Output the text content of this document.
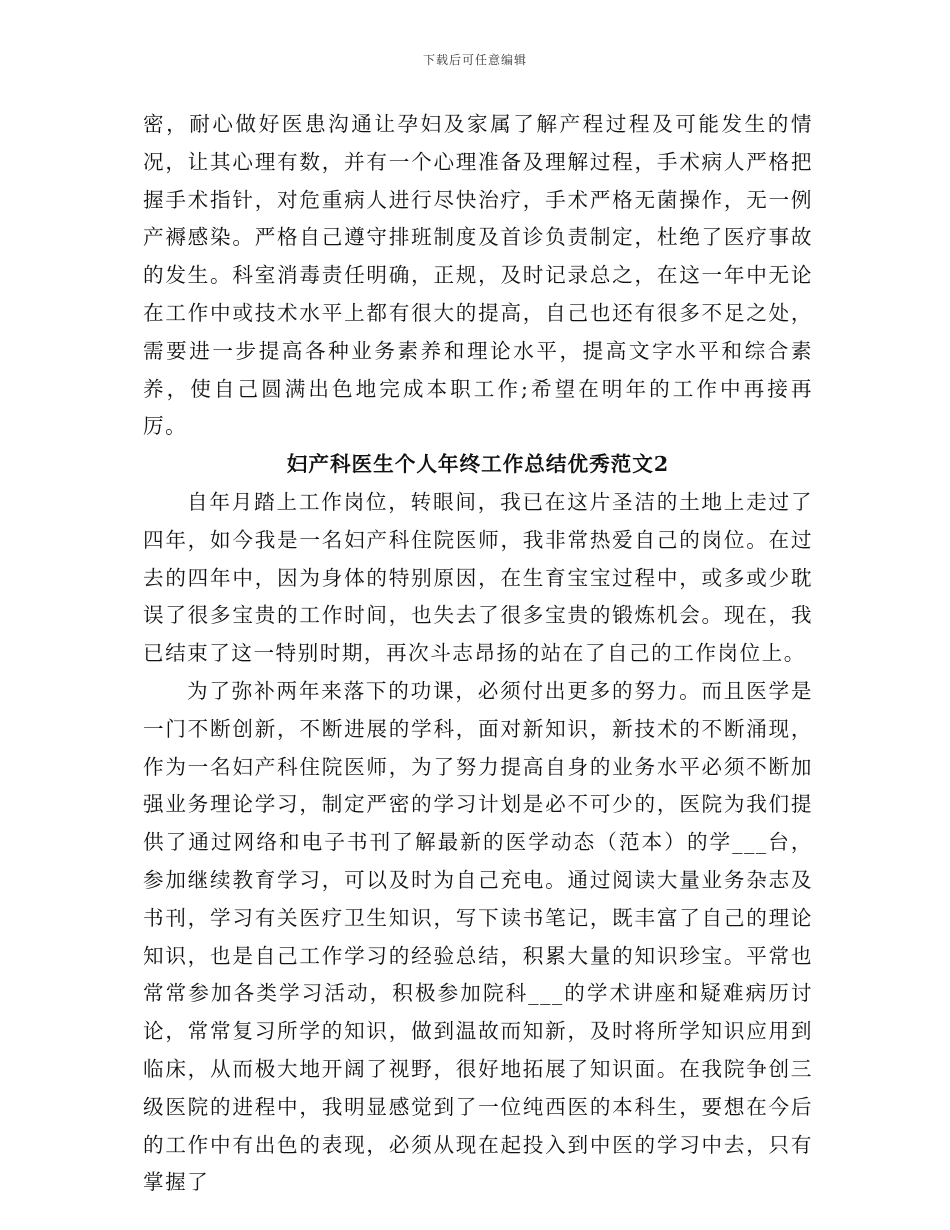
下载后可任意编辑

密，耐心做好医患沟通让孕妇及家属了解产程过程及可能发生的情况，让其心理有数，并有一个心理准备及理解过程，手术病人严格把握手术指针，对危重病人进行尽快治疗，手术严格无菌操作，无一例产褥感染。严格自己遵守排班制度及首诊负责制定，杜绝了医疗事故的发生。科室消毒责任明确，正规，及时记录总之，在这一年中无论在工作中或技术水平上都有很大的提高，自己也还有很多不足之处，需要进一步提高各种业务素养和理论水平，提高文字水平和综合素养，使自己圆满出色地完成本职工作;希望在明年的工作中再接再厉。

妇产科医生个人年终工作总结优秀范文2

自年月踏上工作岗位，转眼间，我已在这片圣洁的土地上走过了四年，如今我是一名妇产科住院医师，我非常热爱自己的岗位。在过去的四年中，因为身体的特别原因，在生育宝宝过程中，或多或少耽误了很多宝贵的工作时间，也失去了很多宝贵的锻炼机会。现在，我已结束了这一特别时期，再次斗志昂扬的站在了自己的工作岗位上。

为了弥补两年来落下的功课，必须付出更多的努力。而且医学是一门不断创新，不断进展的学科，面对新知识，新技术的不断涌现，作为一名妇产科住院医师，为了努力提高自身的业务水平必须不断加强业务理论学习，制定严密的学习计划是必不可少的，医院为我们提供了通过网络和电子书刊了解最新的医学动态（范本）的学___台，参加继续教育学习，可以及时为自己充电。通过阅读大量业务杂志及书刊，学习有关医疗卫生知识，写下读书笔记，既丰富了自己的理论知识，也是自己工作学习的经验总结，积累大量的知识珍宝。平常也常常参加各类学习活动，积极参加院科___的学术讲座和疑难病历讨论，常常复习所学的知识，做到温故而知新，及时将所学知识应用到临床，从而极大地开阔了视野，很好地拓展了知识面。在我院争创三级医院的进程中，我明显感觉到了一位纯西医的本科生，要想在今后的工作中有出色的表现，必须从现在起投入到中医的学习中去，只有掌握了
